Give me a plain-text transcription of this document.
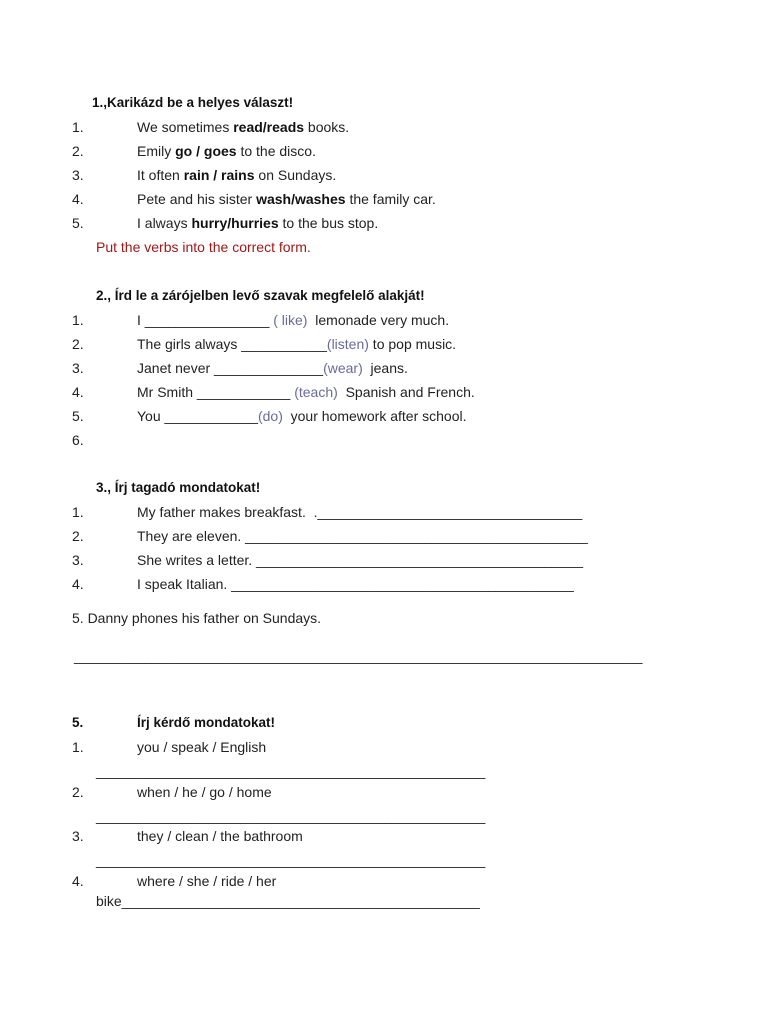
1.,Karikázd be a helyes választ!
1.	We sometimes read/reads books.
2.	Emily go / goes to the disco.
3.	It often rain / rains on Sundays.
4.	Pete and his sister wash/washes the family car.
5.	I always hurry/hurries to the bus stop.
Put the verbs into the correct form.
2., Írd le a zárójelben levő szavak megfelelő alakját!
1.	I ________________ ( like)  lemonade very much.
2.	The girls always ___________(listen) to pop music.
3.	Janet never ______________(wear)  jeans.
4.	Mr Smith ____________ (teach)  Spanish and French.
5.	You ____________(do)  your homework after school.
6.
3., Írj tagadó mondatokat!
1.	My father makes breakfast.  .__________________________________
2.	They are eleven. ____________________________________________
3.	She writes a letter. __________________________________________
4.	I speak Italian. ____________________________________________
5. Danny phones his father on Sundays.
_________________________________________________________________________
5.	Írj kérdő mondatokat!
1.	you / speak / English
__________________________________________________
2.	when / he / go / home
__________________________________________________
3.	they / clean / the bathroom
__________________________________________________
4.	where / she / ride / her
bike______________________________________________
